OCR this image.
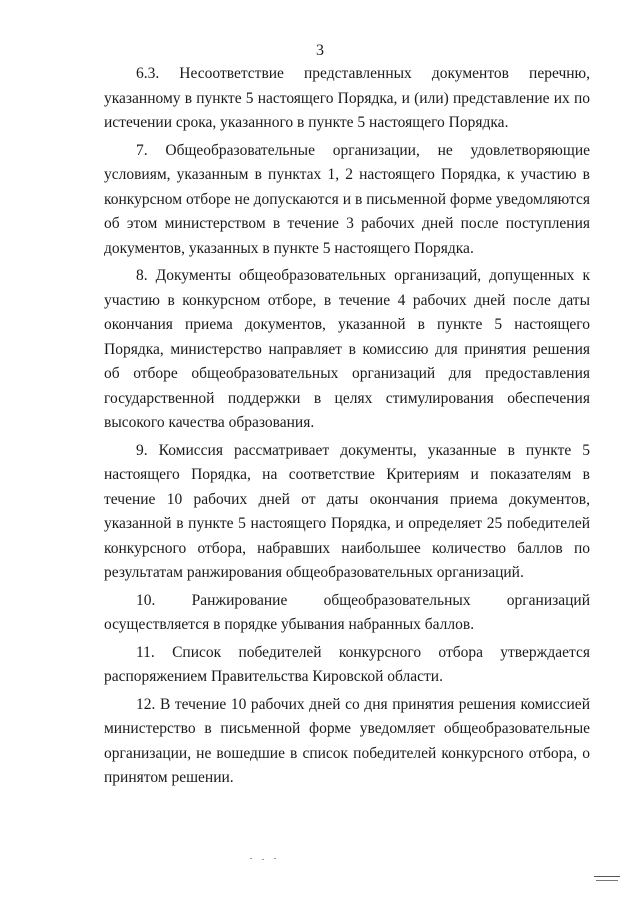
3

6.3. Несоответствие представленных документов перечню, указанному в пункте 5 настоящего Порядка, и (или) представление их по истечении срока, указанного в пункте 5 настоящего Порядка.

7. Общеобразовательные организации, не удовлетворяющие условиям, указанным в пунктах 1, 2 настоящего Порядка, к участию в конкурсном отборе не допускаются и в письменной форме уведомляются об этом министерством в течение 3 рабочих дней после поступления документов, указанных в пункте 5 настоящего Порядка.

8. Документы общеобразовательных организаций, допущенных к участию в конкурсном отборе, в течение 4 рабочих дней после даты окончания приема документов, указанной в пункте 5 настоящего Порядка, министерство направляет в комиссию для принятия решения об отборе общеобразовательных организаций для предоставления государственной поддержки в целях стимулирования обеспечения высокого качества образования.

9. Комиссия рассматривает документы, указанные в пункте 5 настоящего Порядка, на соответствие Критериям и показателям в течение 10 рабочих дней от даты окончания приема документов, указанной в пункте 5 настоящего Порядка, и определяет 25 победителей конкурсного отбора, набравших наибольшее количество баллов по результатам ранжирования общеобразовательных организаций.

10. Ранжирование общеобразовательных организаций осуществляется в порядке убывания набранных баллов.

11. Список победителей конкурсного отбора утверждается распоряжением Правительства Кировской области.

12. В течение 10 рабочих дней со дня принятия решения комиссией министерство в письменной форме уведомляет общеобразовательные организации, не вошедшие в список победителей конкурсного отбора, о принятом решении.
